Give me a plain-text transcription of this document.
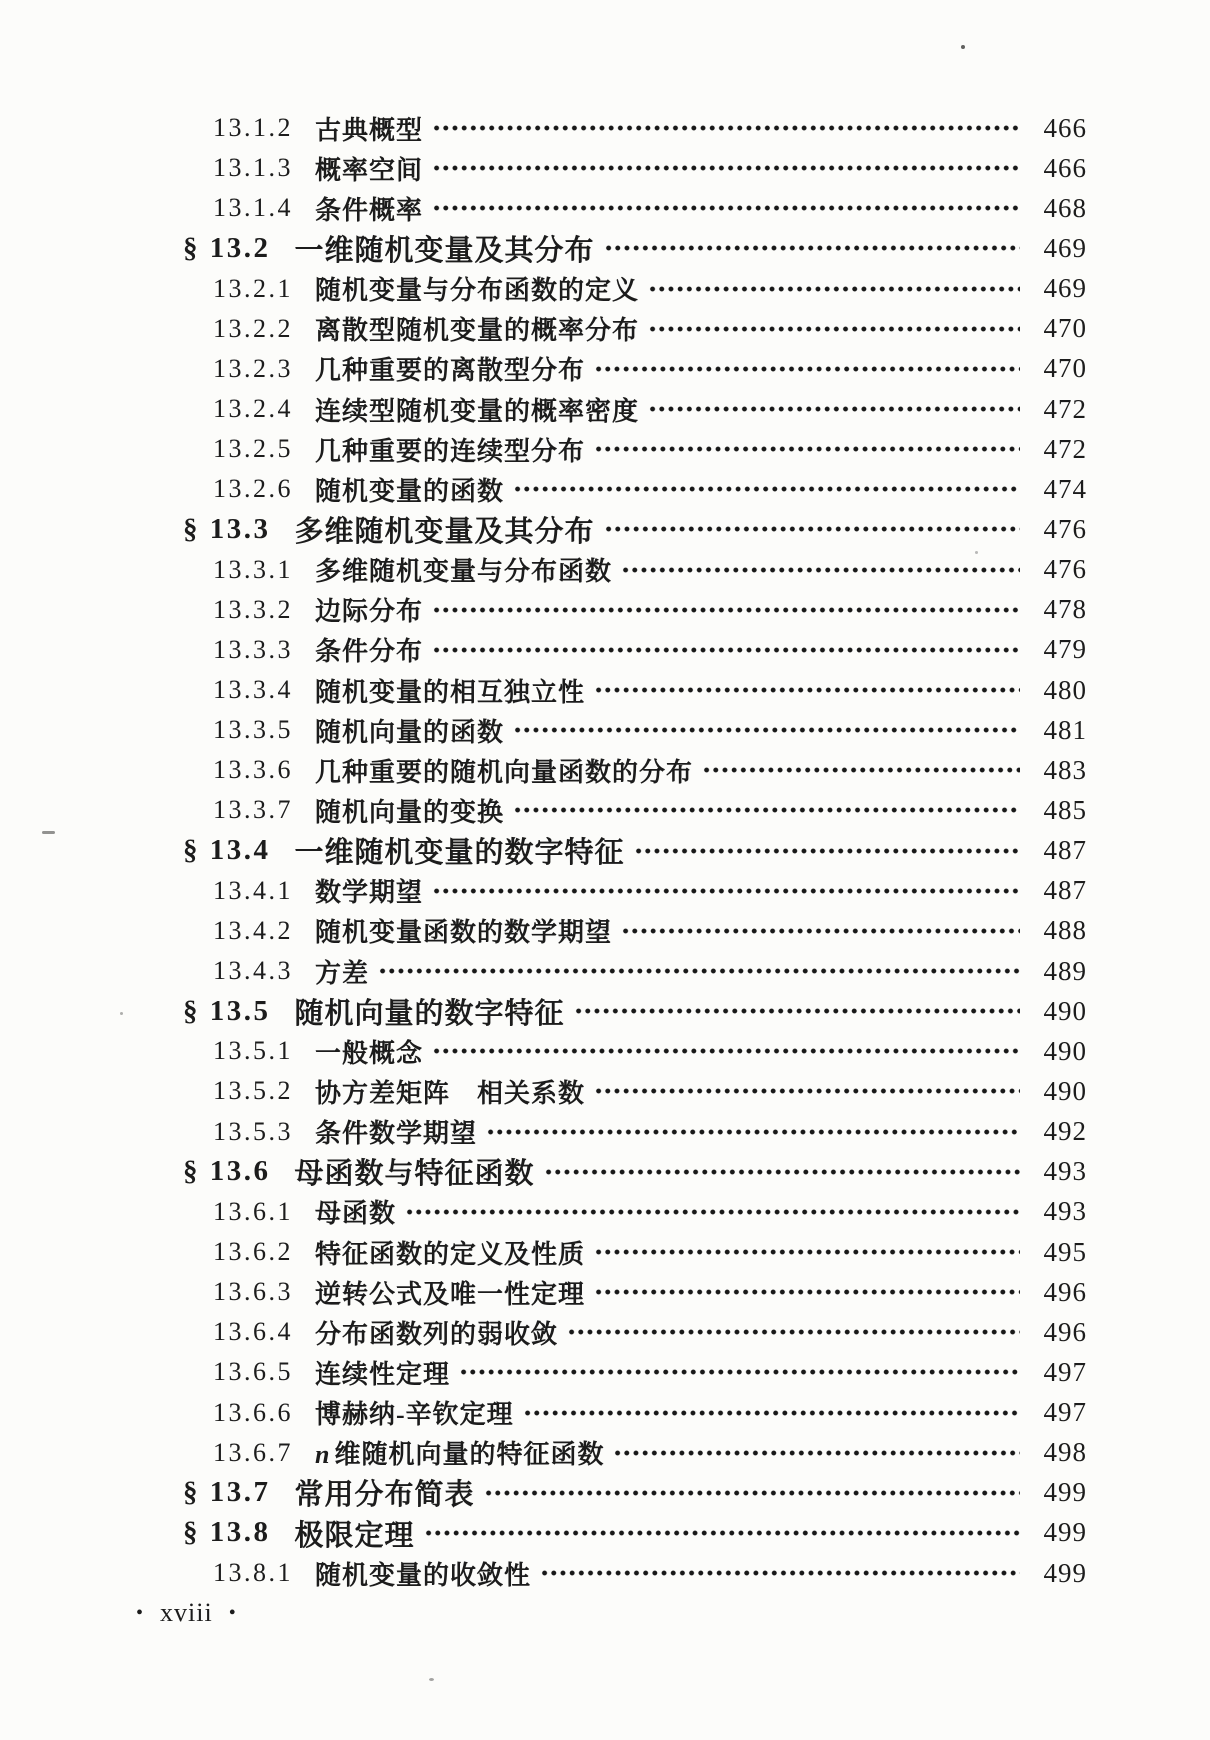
13.1.2 古典概型	466
13.1.3 概率空间	466
13.1.4 条件概率	468
§ 13.2 一维随机变量及其分布	469
13.2.1 随机变量与分布函数的定义	469
13.2.2 离散型随机变量的概率分布	470
13.2.3 几种重要的离散型分布	470
13.2.4 连续型随机变量的概率密度	472
13.2.5 几种重要的连续型分布	472
13.2.6 随机变量的函数	474
§ 13.3 多维随机变量及其分布	476
13.3.1 多维随机变量与分布函数	476
13.3.2 边际分布	478
13.3.3 条件分布	479
13.3.4 随机变量的相互独立性	480
13.3.5 随机向量的函数	481
13.3.6 几种重要的随机向量函数的分布	483
13.3.7 随机向量的变换	485
§ 13.4 一维随机变量的数字特征	487
13.4.1 数学期望	487
13.4.2 随机变量函数的数学期望	488
13.4.3 方差	489
§ 13.5 随机向量的数字特征	490
13.5.1 一般概念	490
13.5.2 协方差矩阵　相关系数	490
13.5.3 条件数学期望	492
§ 13.6 母函数与特征函数	493
13.6.1 母函数	493
13.6.2 特征函数的定义及性质	495
13.6.3 逆转公式及唯一性定理	496
13.6.4 分布函数列的弱收敛	496
13.6.5 连续性定理	497
13.6.6 博赫纳-辛钦定理	497
13.6.7 n 维随机向量的特征函数	498
§ 13.7 常用分布简表	499
§ 13.8 极限定理	499
13.8.1 随机变量的收敛性	499
• xviii •
